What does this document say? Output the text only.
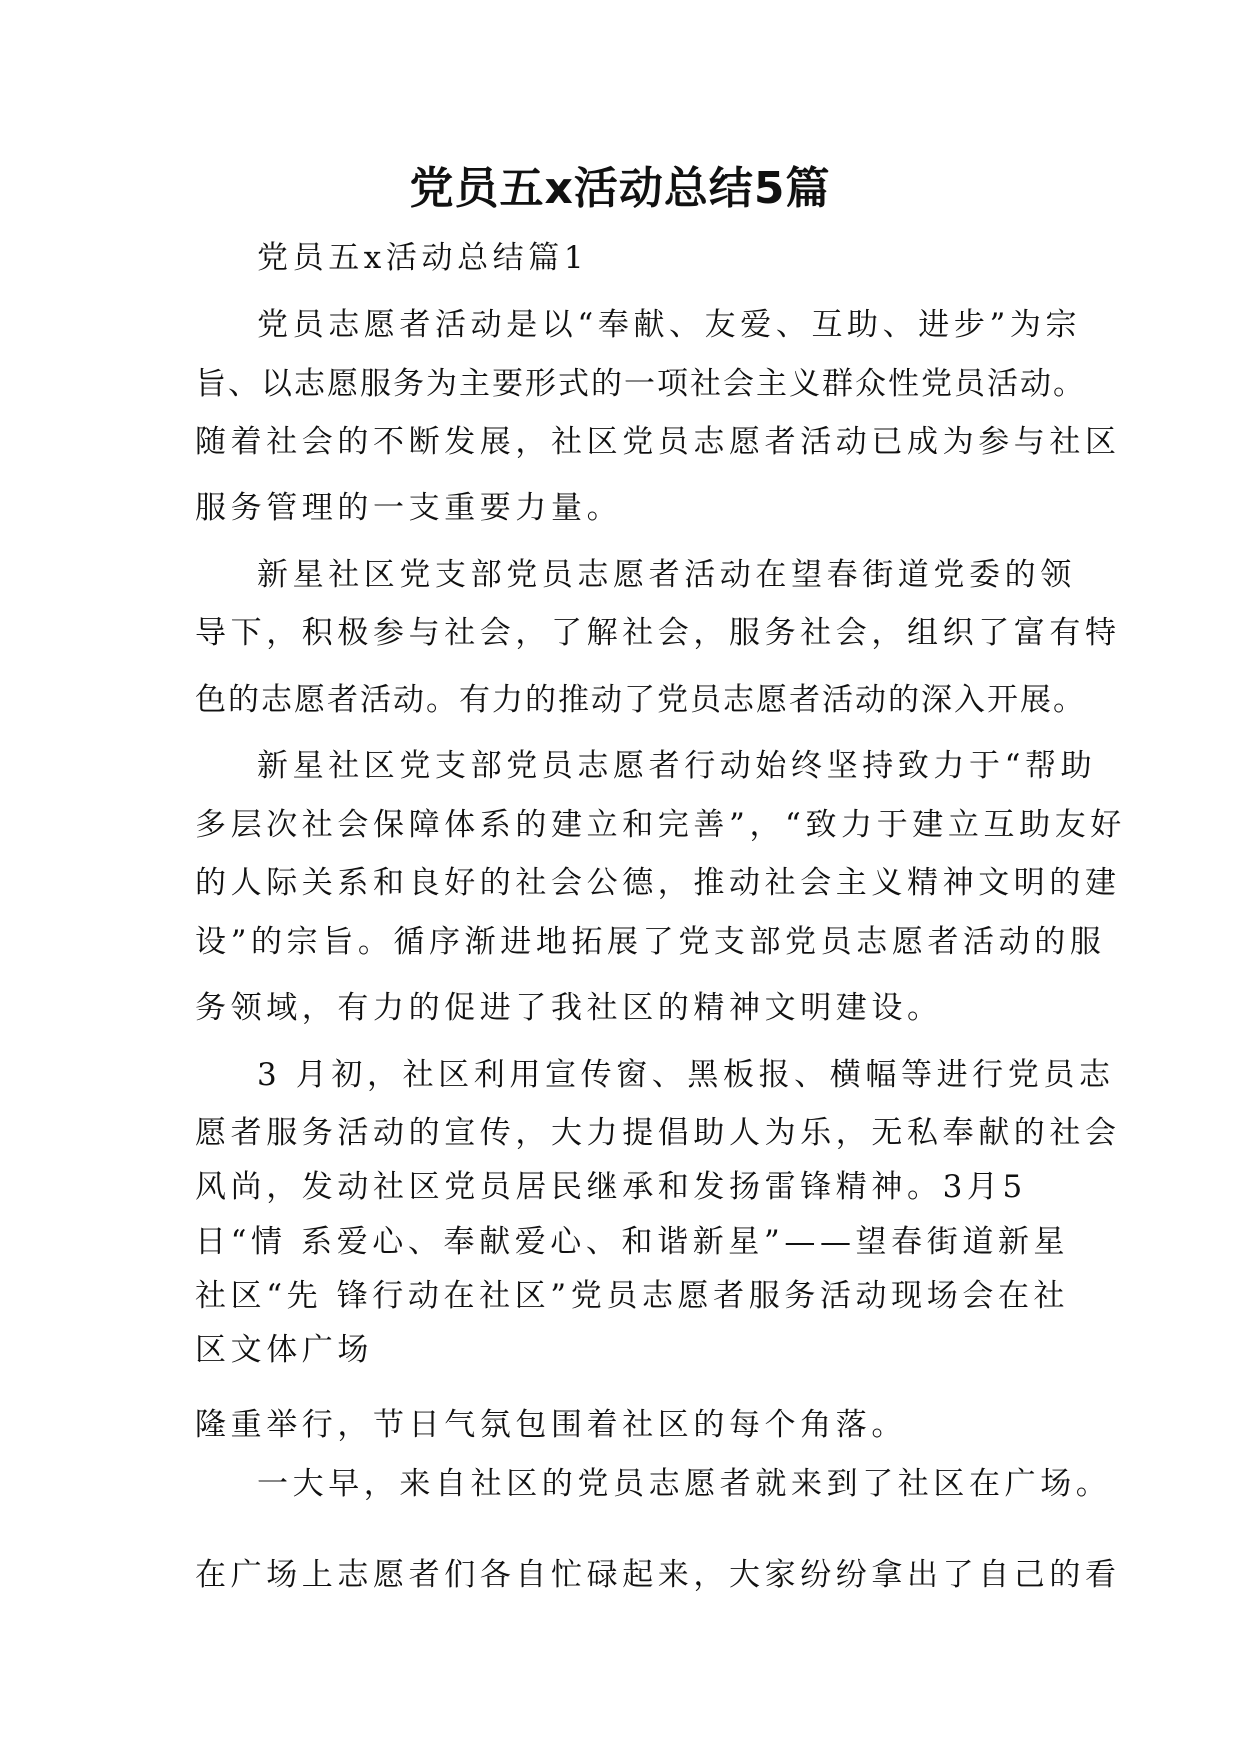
党员五x活动总结5篇
党员五x活动总结篇1
党员志愿者活动是以“奉献、友爱、互助、进步”为宗
旨、以志愿服务为主要形式的一项社会主义群众性党员活动。
随着社会的不断发展，社区党员志愿者活动已成为参与社区
服务管理的一支重要力量。
新星社区党支部党员志愿者活动在望春街道党委的领
导下，积极参与社会，了解社会，服务社会，组织了富有特
色的志愿者活动。有力的推动了党员志愿者活动的深入开展。
新星社区党支部党员志愿者行动始终坚持致力于“帮助
多层次社会保障体系的建立和完善”，“致力于建立互助友好
的人际关系和良好的社会公德，推动社会主义精神文明的建
设”的宗旨。循序渐进地拓展了党支部党员志愿者活动的服
务领域，有力的促进了我社区的精神文明建设。
3 月初，社区利用宣传窗、黑板报、横幅等进行党员志
愿者服务活动的宣传，大力提倡助人为乐，无私奉献的社会
风尚，发动社区党员居民继承和发扬雷锋精神。3月5
日“情 系爱心、奉献爱心、和谐新星”——望春街道新星
社区“先 锋行动在社区”党员志愿者服务活动现场会在社
区文体广场
隆重举行，节日气氛包围着社区的每个角落。
一大早，来自社区的党员志愿者就来到了社区在广场。
在广场上志愿者们各自忙碌起来，大家纷纷拿出了自己的看
